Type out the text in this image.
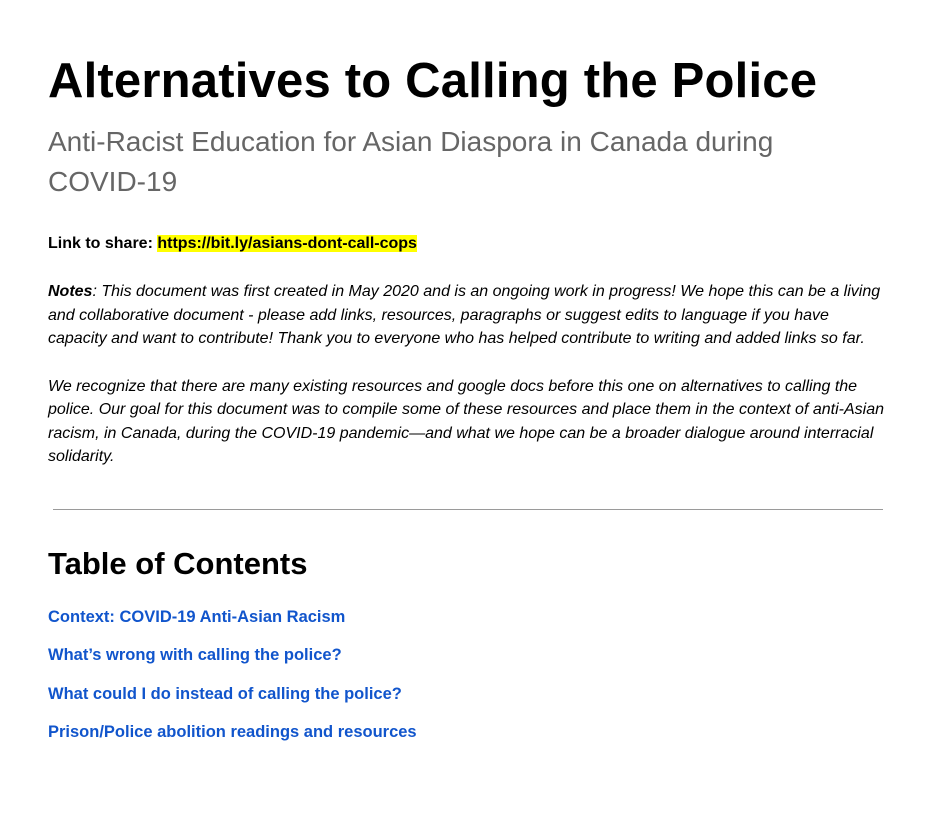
Alternatives to Calling the Police
Anti-Racist Education for Asian Diaspora in Canada during COVID-19

Link to share: https://bit.ly/asians-dont-call-cops

Notes: This document was first created in May 2020 and is an ongoing work in progress! We hope this can be a living and collaborative document - please add links, resources, paragraphs or suggest edits to language if you have capacity and want to contribute! Thank you to everyone who has helped contribute to writing and added links so far.

We recognize that there are many existing resources and google docs before this one on alternatives to calling the police. Our goal for this document was to compile some of these resources and place them in the context of anti-Asian racism, in Canada, during the COVID-19 pandemic—and what we hope can be a broader dialogue around interracial solidarity.

Table of Contents
Context: COVID-19 Anti-Asian Racism
What’s wrong with calling the police?
What could I do instead of calling the police?
Prison/Police abolition readings and resources
